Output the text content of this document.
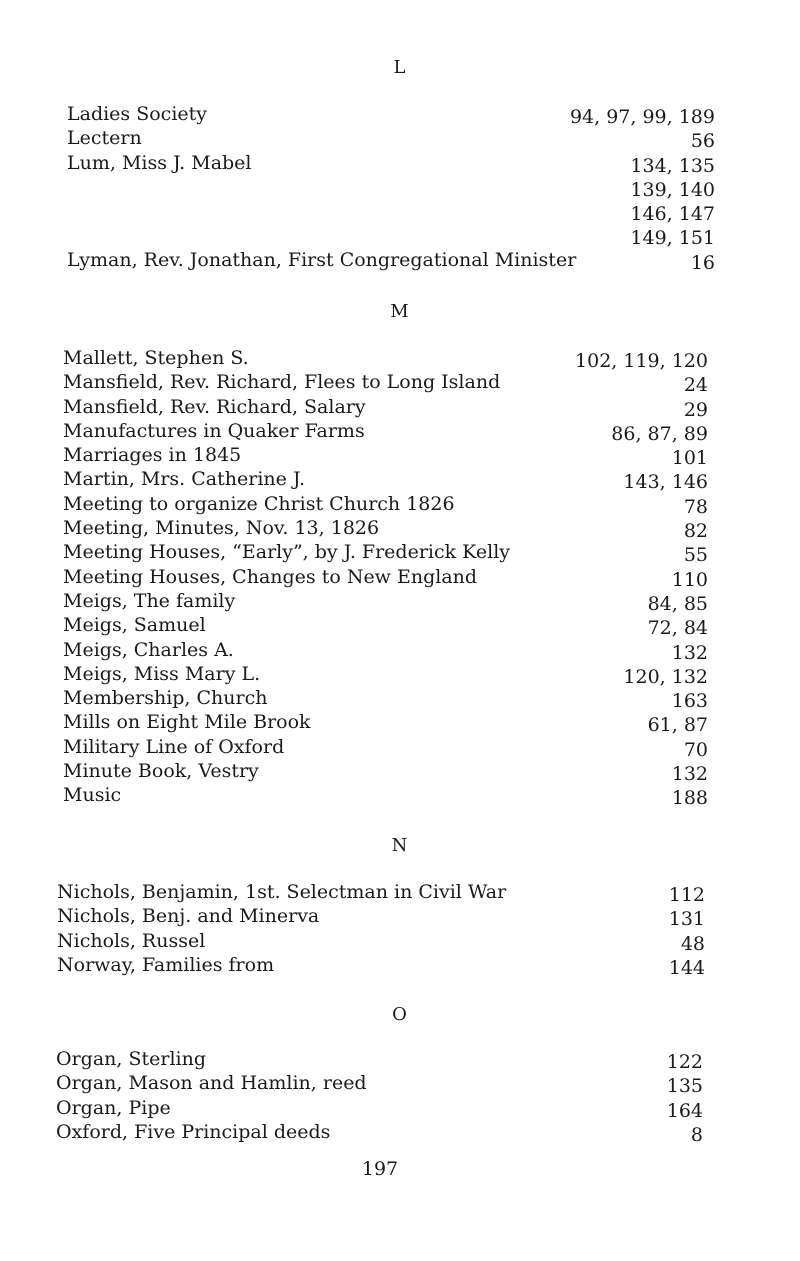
L
Ladies Society	94, 97, 99, 189
Lectern	56
Lum, Miss J. Mabel	134, 135
139, 140
146, 147
149, 151
Lyman, Rev. Jonathan, First Congregational Minister	16
M
Mallett, Stephen S.	102, 119, 120
Mansfield, Rev. Richard, Flees to Long Island	24
Mansfield, Rev. Richard, Salary	29
Manufactures in Quaker Farms	86, 87, 89
Marriages in 1845	101
Martin, Mrs. Catherine J.	143, 146
Meeting to organize Christ Church 1826	78
Meeting, Minutes, Nov. 13, 1826	82
Meeting Houses, “Early”, by J. Frederick Kelly	55
Meeting Houses, Changes to New England	110
Meigs, The family	84, 85
Meigs, Samuel	72, 84
Meigs, Charles A.	132
Meigs, Miss Mary L.	120, 132
Membership, Church	163
Mills on Eight Mile Brook	61, 87
Military Line of Oxford	70
Minute Book, Vestry	132
Music	188
N
Nichols, Benjamin, 1st. Selectman in Civil War	112
Nichols, Benj. and Minerva	131
Nichols, Russel	48
Norway, Families from	144
O
Organ, Sterling	122
Organ, Mason and Hamlin, reed	135
Organ, Pipe	164
Oxford, Five Principal deeds	8
197
